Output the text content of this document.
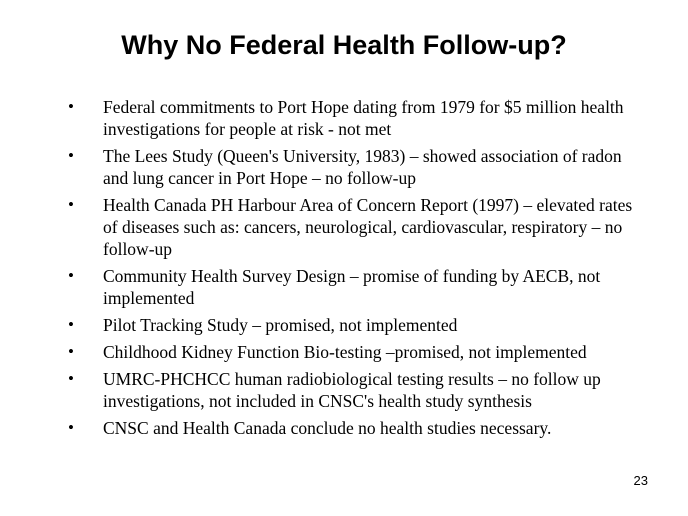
Why No Federal Health Follow-up?
• Federal commitments to Port Hope dating from 1979 for $5 million health investigations for people at risk - not met
• The Lees Study (Queen's University, 1983) – showed association of radon and lung cancer in Port Hope – no follow-up
• Health Canada PH Harbour Area of Concern Report (1997) – elevated rates of diseases such as: cancers, neurological, cardiovascular, respiratory – no follow-up
• Community Health Survey Design – promise of funding by AECB, not implemented
• Pilot Tracking Study – promised, not implemented
• Childhood Kidney Function Bio-testing –promised, not implemented
• UMRC-PHCHCC human radiobiological testing results – no follow up investigations, not included in CNSC's health study synthesis
• CNSC and Health Canada conclude no health studies necessary.
23
